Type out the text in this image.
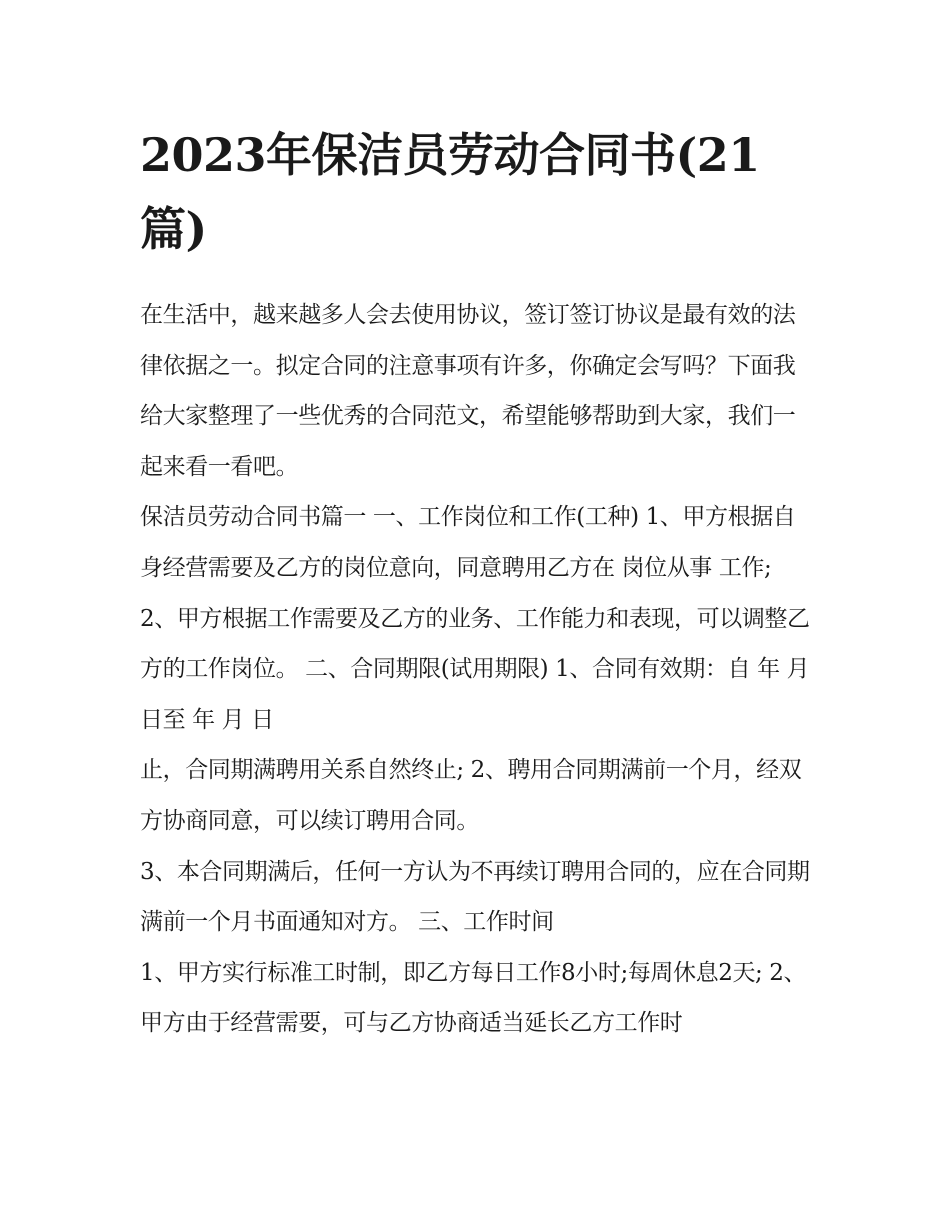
2023年保洁员劳动合同书(21
篇)

在生活中，越来越多人会去使用协议，签订签订协议是最有效的法律依据之一。拟定合同的注意事项有许多，你确定会写吗？下面我给大家整理了一些优秀的合同范文，希望能够帮助到大家，我们一起来看一看吧。

保洁员劳动合同书篇一 一、工作岗位和工作(工种) 1、甲方根据自身经营需要及乙方的岗位意向，同意聘用乙方在 岗位从事 工作;

2、甲方根据工作需要及乙方的业务、工作能力和表现，可以调整乙方的工作岗位。 二、合同期限(试用期限) 1、合同有效期：自 年 月 日至 年 月 日

止，合同期满聘用关系自然终止; 2、聘用合同期满前一个月，经双方协商同意，可以续订聘用合同。

3、本合同期满后，任何一方认为不再续订聘用合同的，应在合同期满前一个月书面通知对方。 三、工作时间

1、甲方实行标准工时制，即乙方每日工作8小时;每周休息2天; 2、甲方由于经营需要，可与乙方协商适当延长乙方工作时
